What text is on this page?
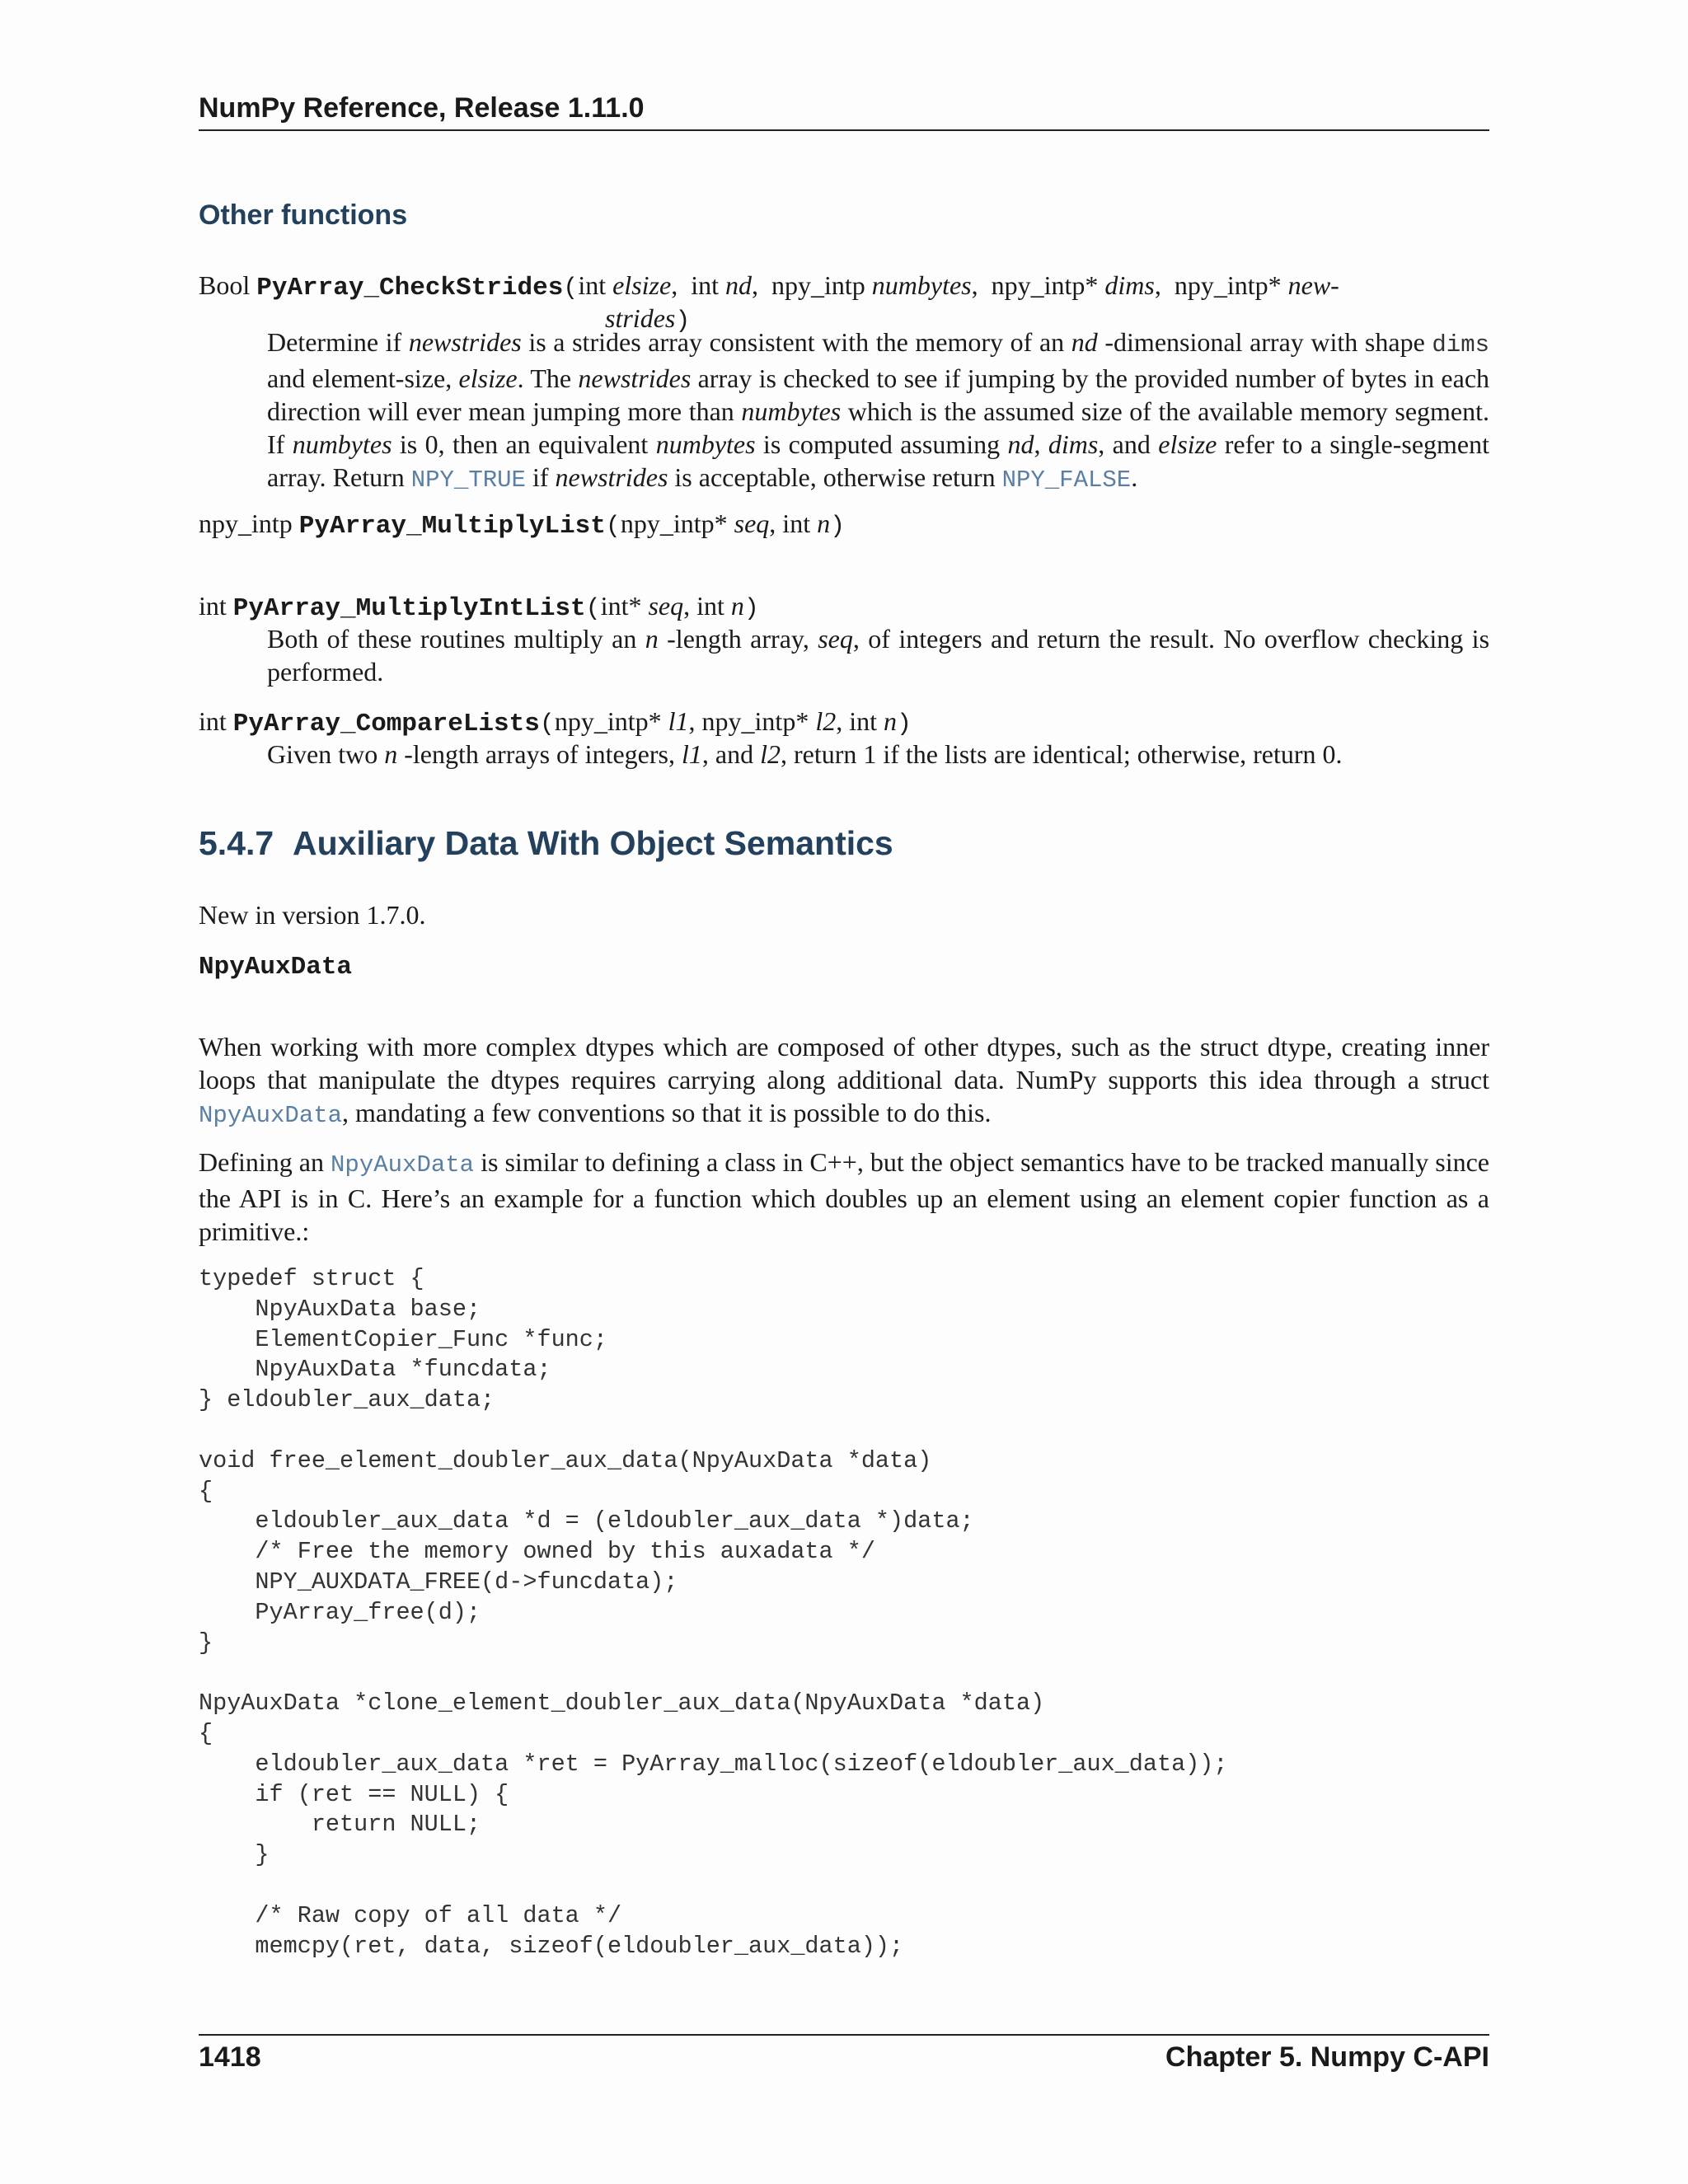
NumPy Reference, Release 1.11.0
Other functions
Bool PyArray_CheckStrides(int elsize,  int nd,  npy_intp numbytes,  npy_intp* dims,  npy_intp* new-
strides)
Determine if newstrides is a strides array consistent with the memory of an nd -dimensional array with shape dims and element-size, elsize. The newstrides array is checked to see if jumping by the provided number of bytes in each direction will ever mean jumping more than numbytes which is the assumed size of the available memory segment. If numbytes is 0, then an equivalent numbytes is computed assuming nd, dims, and elsize refer to a single-segment array. Return NPY_TRUE if newstrides is acceptable, otherwise return NPY_FALSE.
npy_intp PyArray_MultiplyList(npy_intp* seq, int n)
int PyArray_MultiplyIntList(int* seq, int n)
Both of these routines multiply an n -length array, seq, of integers and return the result. No overflow checking is performed.
int PyArray_CompareLists(npy_intp* l1, npy_intp* l2, int n)
Given two n -length arrays of integers, l1, and l2, return 1 if the lists are identical; otherwise, return 0.
5.4.7 Auxiliary Data With Object Semantics
New in version 1.7.0.
NpyAuxData
When working with more complex dtypes which are composed of other dtypes, such as the struct dtype, creating inner loops that manipulate the dtypes requires carrying along additional data. NumPy supports this idea through a struct NpyAuxData, mandating a few conventions so that it is possible to do this.
Defining an NpyAuxData is similar to defining a class in C++, but the object semantics have to be tracked manually since the API is in C. Here’s an example for a function which doubles up an element using an element copier function as a primitive.:
typedef struct {
NpyAuxData base;
ElementCopier_Func *func;
NpyAuxData *funcdata;
} eldoubler_aux_data;

void free_element_doubler_aux_data(NpyAuxData *data)
{
eldoubler_aux_data *d = (eldoubler_aux_data *)data;
/* Free the memory owned by this auxadata */
NPY_AUXDATA_FREE(d->funcdata);
PyArray_free(d);
}

NpyAuxData *clone_element_doubler_aux_data(NpyAuxData *data)
{
eldoubler_aux_data *ret = PyArray_malloc(sizeof(eldoubler_aux_data));
if (ret == NULL) {
return NULL;
}

/* Raw copy of all data */
memcpy(ret, data, sizeof(eldoubler_aux_data));
1418	Chapter 5. Numpy C-API
